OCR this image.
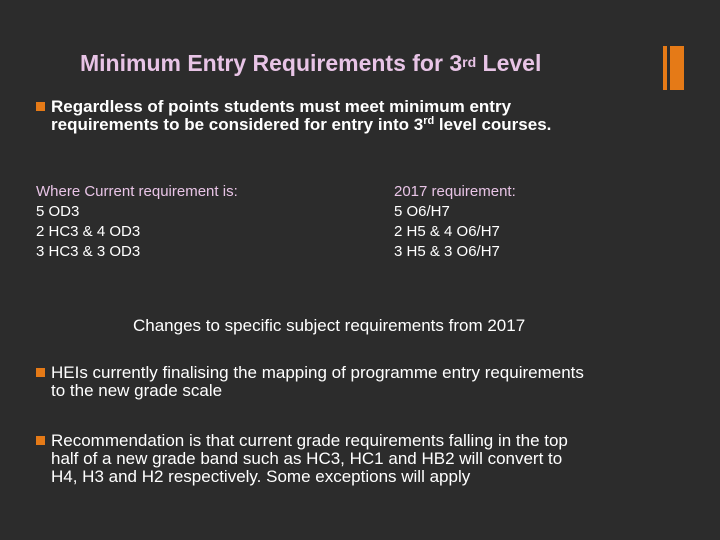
Minimum Entry Requirements for 3rd Level
Regardless of points students must meet minimum entry
requirements to be considered for entry into 3rd level courses.
Where Current requirement is:
5 OD3
2 HC3 & 4 OD3
3 HC3 & 3 OD3
2017 requirement:
5 O6/H7
2 H5 & 4 O6/H7
3 H5 & 3 O6/H7
Changes to specific subject requirements from 2017
HEIs currently finalising the mapping of programme entry requirements
to the new grade scale
Recommendation is that current grade requirements falling in the top
half of a new grade band such as HC3, HC1 and HB2 will convert to
H4, H3 and H2 respectively. Some exceptions will apply
